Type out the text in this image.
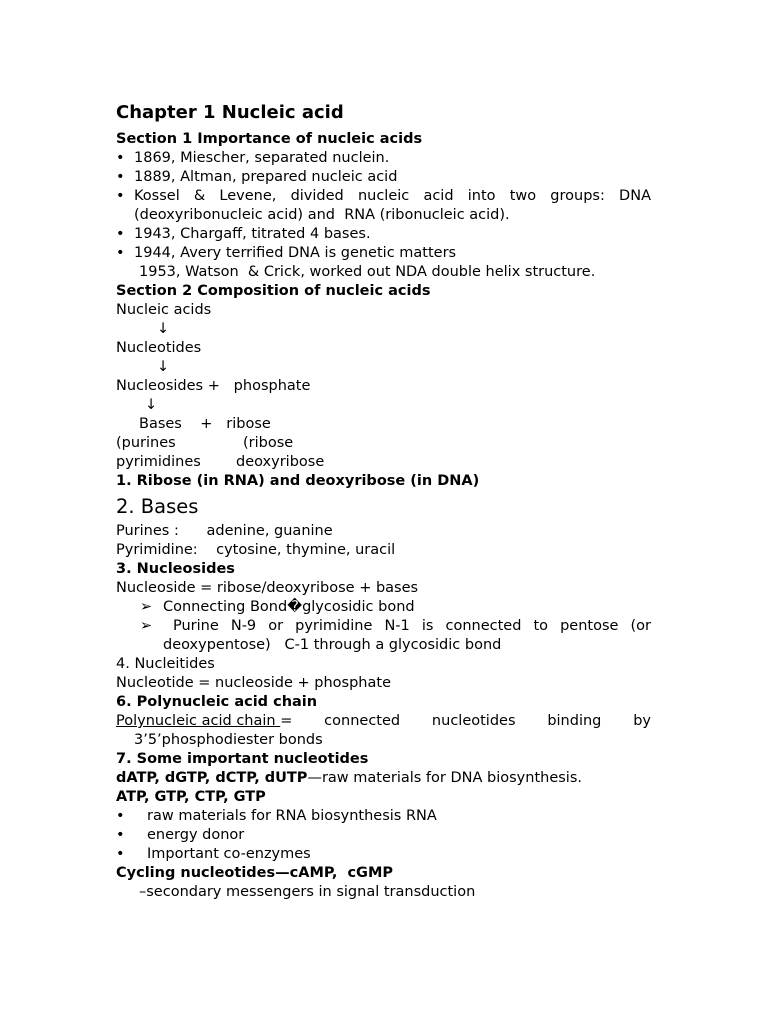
Chapter 1 Nucleic acid
Section 1 Importance of nucleic acids
• 1869, Miescher, separated nuclein.
• 1889, Altman, prepared nucleic acid
• Kossel & Levene, divided nucleic acid into two groups: DNA
(deoxyribonucleic acid) and  RNA (ribonucleic acid).
• 1943, Chargaff, titrated 4 bases.
• 1944, Avery terrified DNA is genetic matters
1953, Watson  & Crick, worked out NDA double helix structure.
Section 2 Composition of nucleic acids
Nucleic acids
↓
Nucleotides
↓
Nucleosides +   phosphate
↓
Bases    +   ribose
(purines	(ribose
pyrimidines deoxyribose
1. Ribose (in RNA) and deoxyribose (in DNA)
2. Bases
Purines :      adenine, guanine
Pyrimidine:    cytosine, thymine, uracil
3. Nucleosides
Nucleoside = ribose/deoxyribose + bases
➢ Connecting Bond�glycosidic bond
➢	Purine N-9 or pyrimidine N-1 is connected to pentose (or
deoxypentose)   C-1 through a glycosidic bond
4. Nucleitides
Nucleotide = nucleoside + phosphate
6. Polynucleic acid chain
Polynucleic acid chain = connected nucleotides binding by
3’5’phosphodiester bonds
7. Some important nucleotides
dATP, dGTP, dCTP, dUTP—raw materials for DNA biosynthesis.
ATP, GTP, CTP, GTP
• raw materials for RNA biosynthesis RNA
• energy donor
• Important co-enzymes
Cycling nucleotides—cAMP,  cGMP
–secondary messengers in signal transduction
